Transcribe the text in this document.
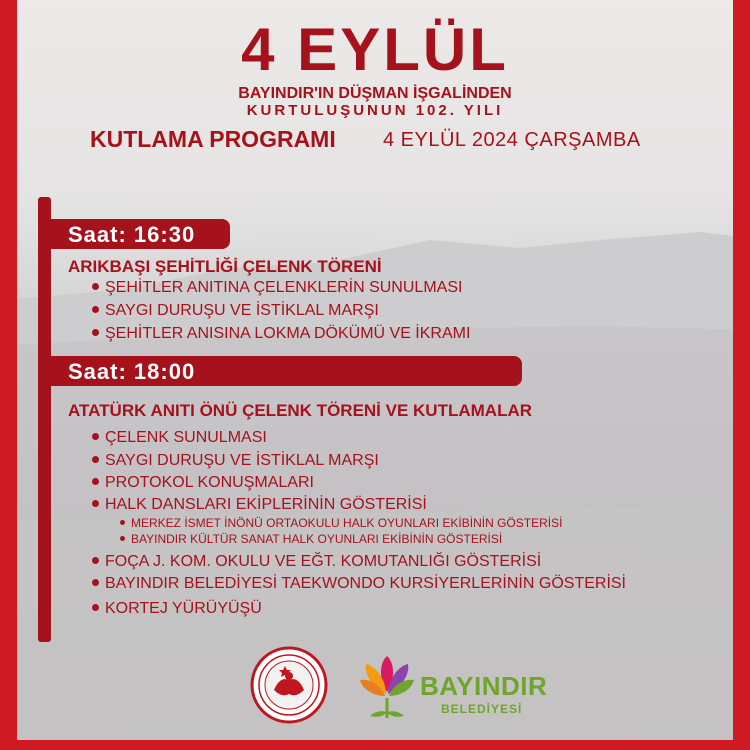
4 EYLÜL
BAYINDIR'IN DÜŞMAN İŞGALİNDEN
KURTULUŞUNUN 102. YILI
KUTLAMA PROGRAMI 4 EYLÜL 2024 ÇARŞAMBA
Saat: 16:30
ARIKBAŞI ŞEHİTLİĞİ ÇELENK TÖRENİ
ŞEHİTLER ANITINA ÇELENKLERİN SUNULMASI
SAYGI DURUŞU VE İSTİKLAL MARŞI
ŞEHİTLER ANISINA LOKMA DÖKÜMÜ VE İKRAMI
Saat: 18:00
ATATÜRK ANITI ÖNÜ ÇELENK TÖRENİ VE KUTLAMALAR
ÇELENK SUNULMASI
SAYGI DURUŞU VE İSTİKLAL MARŞI
PROTOKOL KONUŞMALARI
HALK DANSLARI EKİPLERİNİN GÖSTERİSİ
MERKEZ İSMET İNÖNÜ ORTAOKULU HALK OYUNLARI EKİBİNİN GÖSTERİSİ
BAYINDIR KÜLTÜR SANAT HALK OYUNLARI EKİBİNİN GÖSTERİSİ
FOÇA J. KOM. OKULU VE EĞT. KOMUTANLIĞI GÖSTERİSİ
BAYINDIR BELEDİYESİ TAEKWONDO KURSİYERLERİNİN GÖSTERİSİ
KORTEJ YÜRÜYÜŞÜ
BAYINDIR
BELEDİYESİ
